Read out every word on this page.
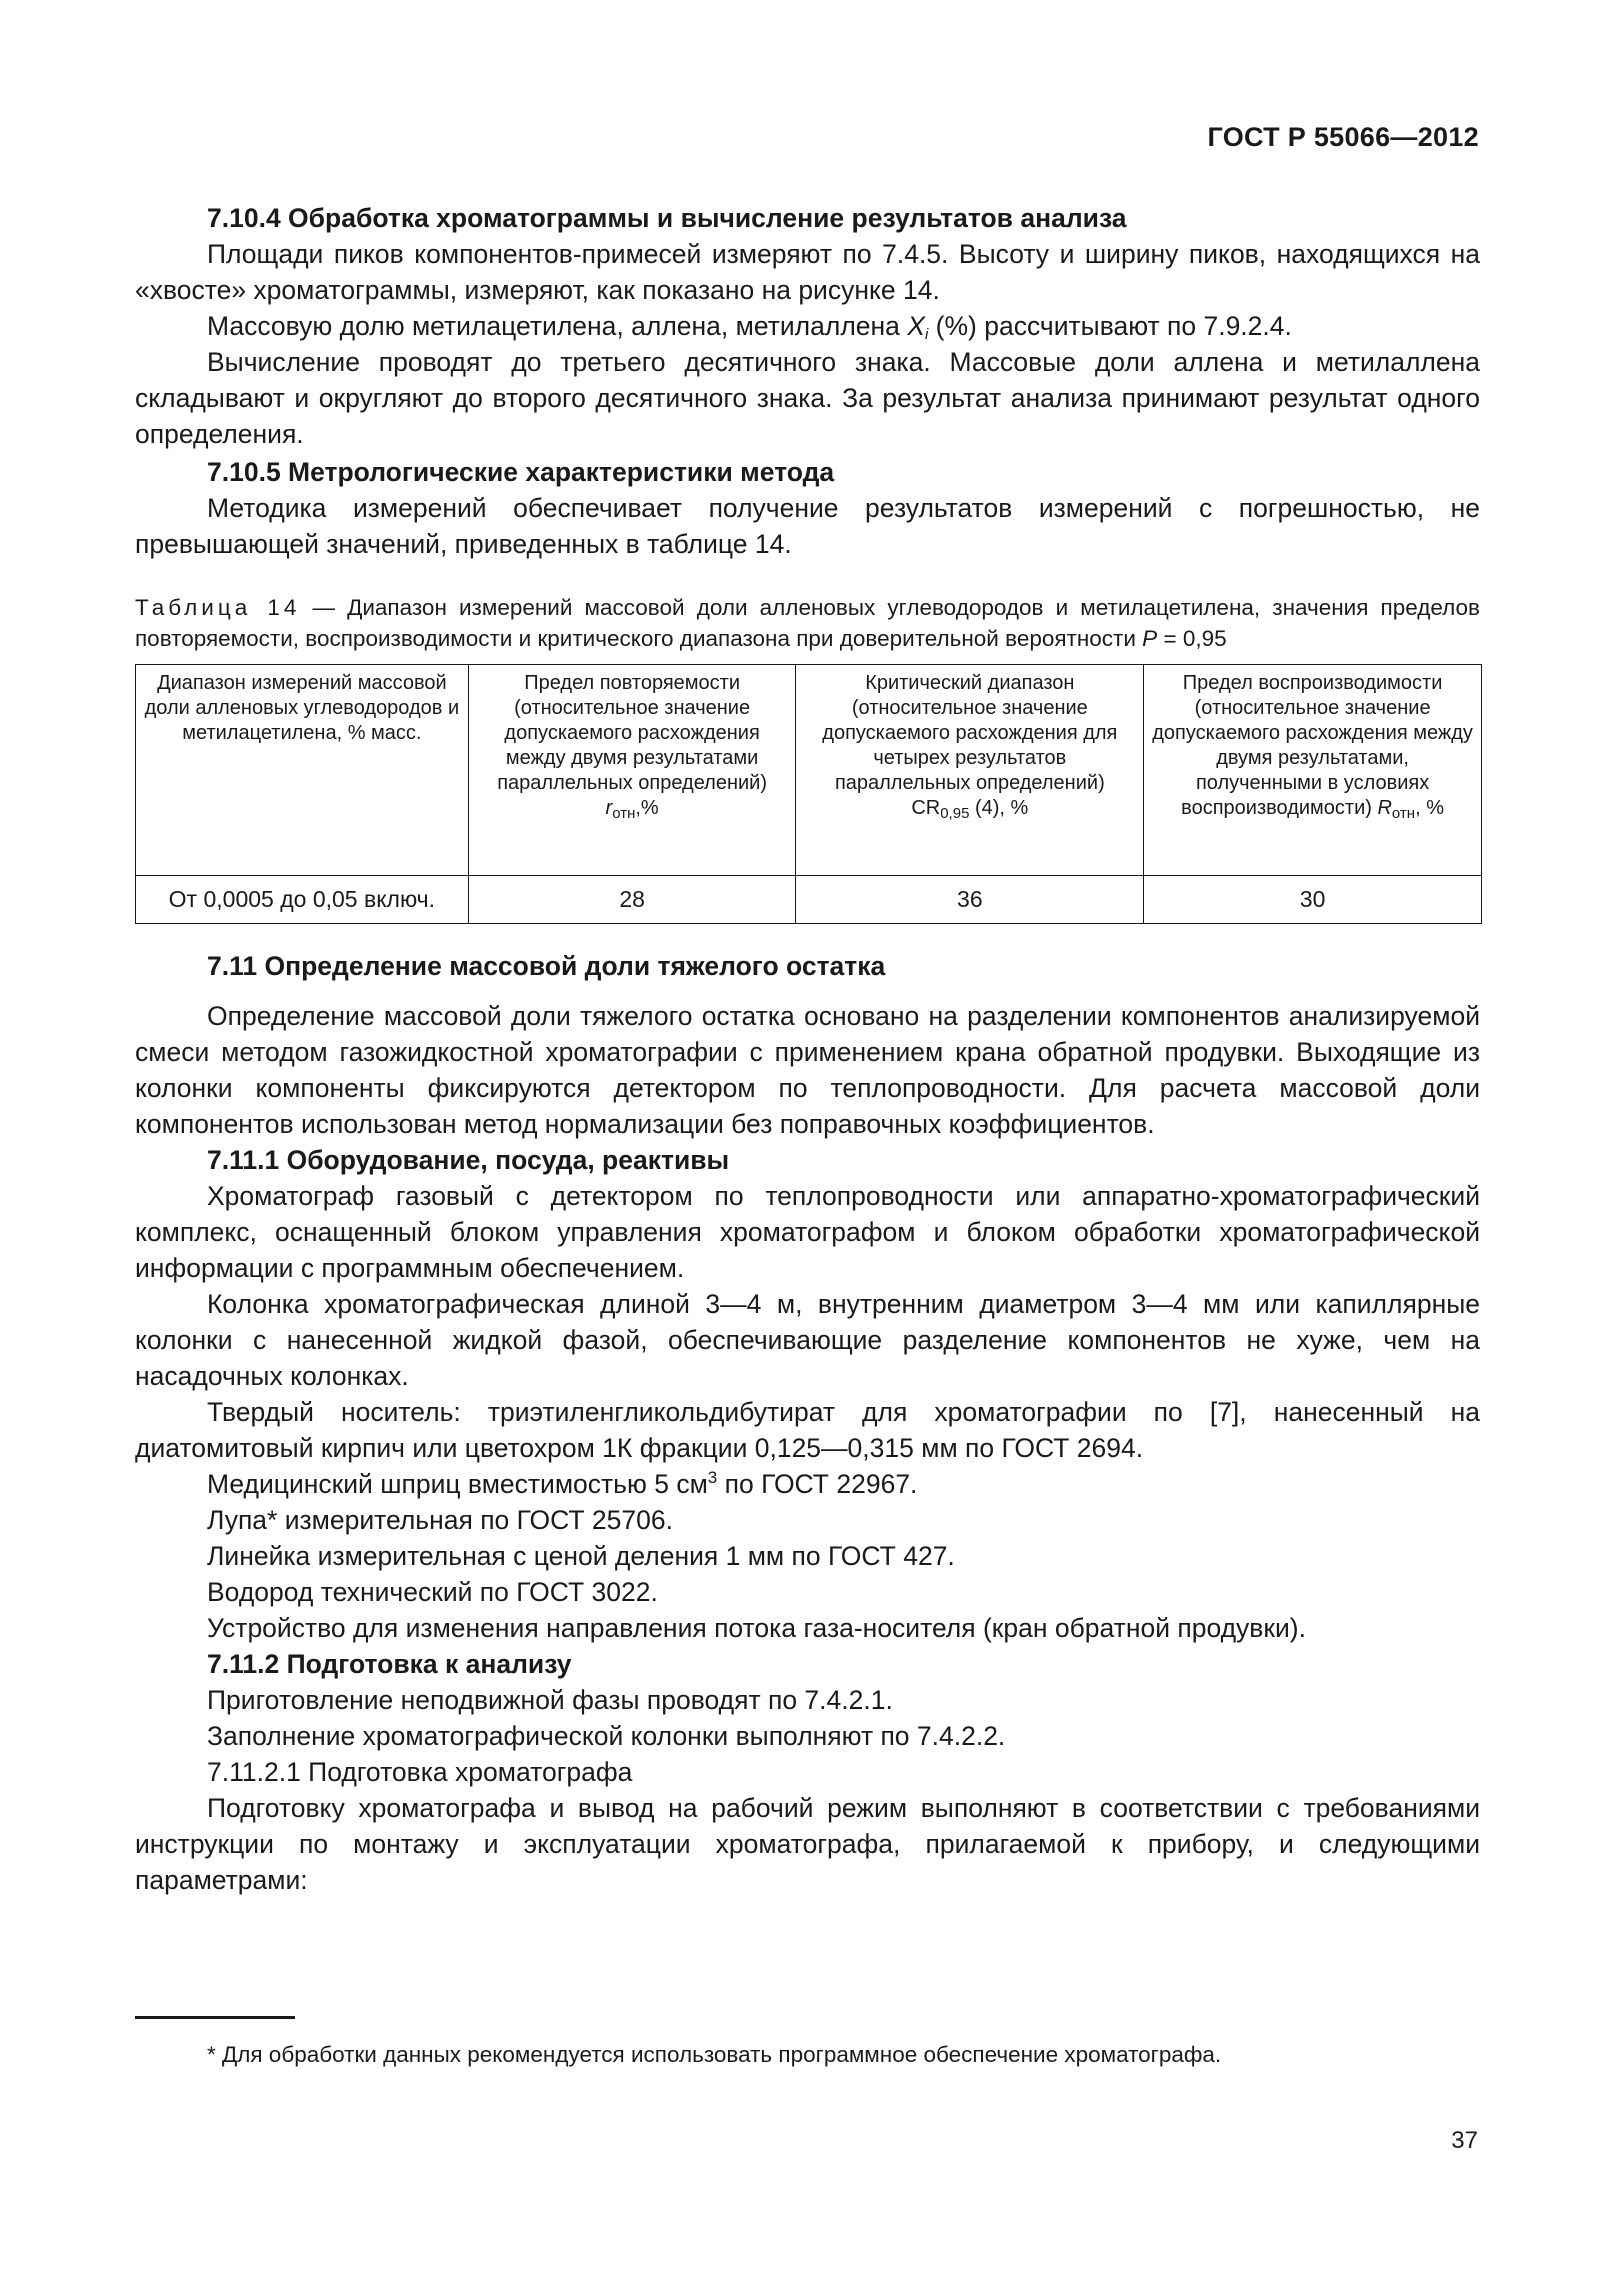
ГОСТ Р 55066—2012

7.10.4 Обработка хроматограммы и вычисление результатов анализа

Площади пиков компонентов-примесей измеряют по 7.4.5. Высоту и ширину пиков, находящихся на «хвосте» хроматограммы, измеряют, как показано на рисунке 14.

Массовую долю метилацетилена, аллена, метилаллена $X_i$ (%) рассчитывают по 7.9.2.4.

Вычисление проводят до третьего десятичного знака. Массовые доли аллена и метилаллена складывают и округляют до второго десятичного знака. За результат анализа принимают результат одного определения.

7.10.5 Метрологические характеристики метода

Методика измерений обеспечивает получение результатов измерений с погрешностью, не превышающей значений, приведенных в таблице 14.

Таблица 14 — Диапазон измерений массовой доли алленовых углеводородов и метилацетилена, значения пределов повторяемости, воспроизводимости и критического диапазона при доверительной вероятности P = 0,95

Диапазон измерений массовой доли алленовых углеводородов и метилацетилена, % масс.	Предел повторяемости (относительное значение допускаемого расхождения между двумя результатами параллельных определений) $r_{отн},\%$	Критический диапазон (относительное значение допускаемого расхождения для четырех результатов параллельных определений) $CR_{0,95}$ (4), %	Предел воспроизводимости (относительное значение допускаемого расхождения между двумя результатами, полученными в условиях воспроизводимости) $R_{отн}$, %
От 0,0005 до 0,05 включ.	28	36	30

7.11 Определение массовой доли тяжелого остатка

Определение массовой доли тяжелого остатка основано на разделении компонентов анализируемой смеси методом газожидкостной хроматографии с применением крана обратной продувки. Выходящие из колонки компоненты фиксируются детектором по теплопроводности. Для расчета массовой доли компонентов использован метод нормализации без поправочных коэффициентов.

7.11.1 Оборудование, посуда, реактивы

Хроматограф газовый с детектором по теплопроводности или аппаратно-хроматографический комплекс, оснащенный блоком управления хроматографом и блоком обработки хроматографической информации с программным обеспечением.

Колонка хроматографическая длиной 3—4 м, внутренним диаметром 3—4 мм или капиллярные колонки с нанесенной жидкой фазой, обеспечивающие разделение компонентов не хуже, чем на насадочных колонках.

Твердый носитель: триэтиленгликольдибутират для хроматографии по [7], нанесенный на диатомитовый кирпич или цветохром 1К фракции 0,125—0,315 мм по ГОСТ 2694.

Медицинский шприц вместимостью 5 $см^3$ по ГОСТ 22967.

Лупа* измерительная по ГОСТ 25706.

Линейка измерительная с ценой деления 1 мм по ГОСТ 427.

Водород технический по ГОСТ 3022.

Устройство для изменения направления потока газа-носителя (кран обратной продувки).

7.11.2 Подготовка к анализу

Приготовление неподвижной фазы проводят по 7.4.2.1.

Заполнение хроматографической колонки выполняют по 7.4.2.2.

7.11.2.1 Подготовка хроматографа

Подготовку хроматографа и вывод на рабочий режим выполняют в соответствии с требованиями инструкции по монтажу и эксплуатации хроматографа, прилагаемой к прибору, и следующими параметрами:

* Для обработки данных рекомендуется использовать программное обеспечение хроматографа.
37
